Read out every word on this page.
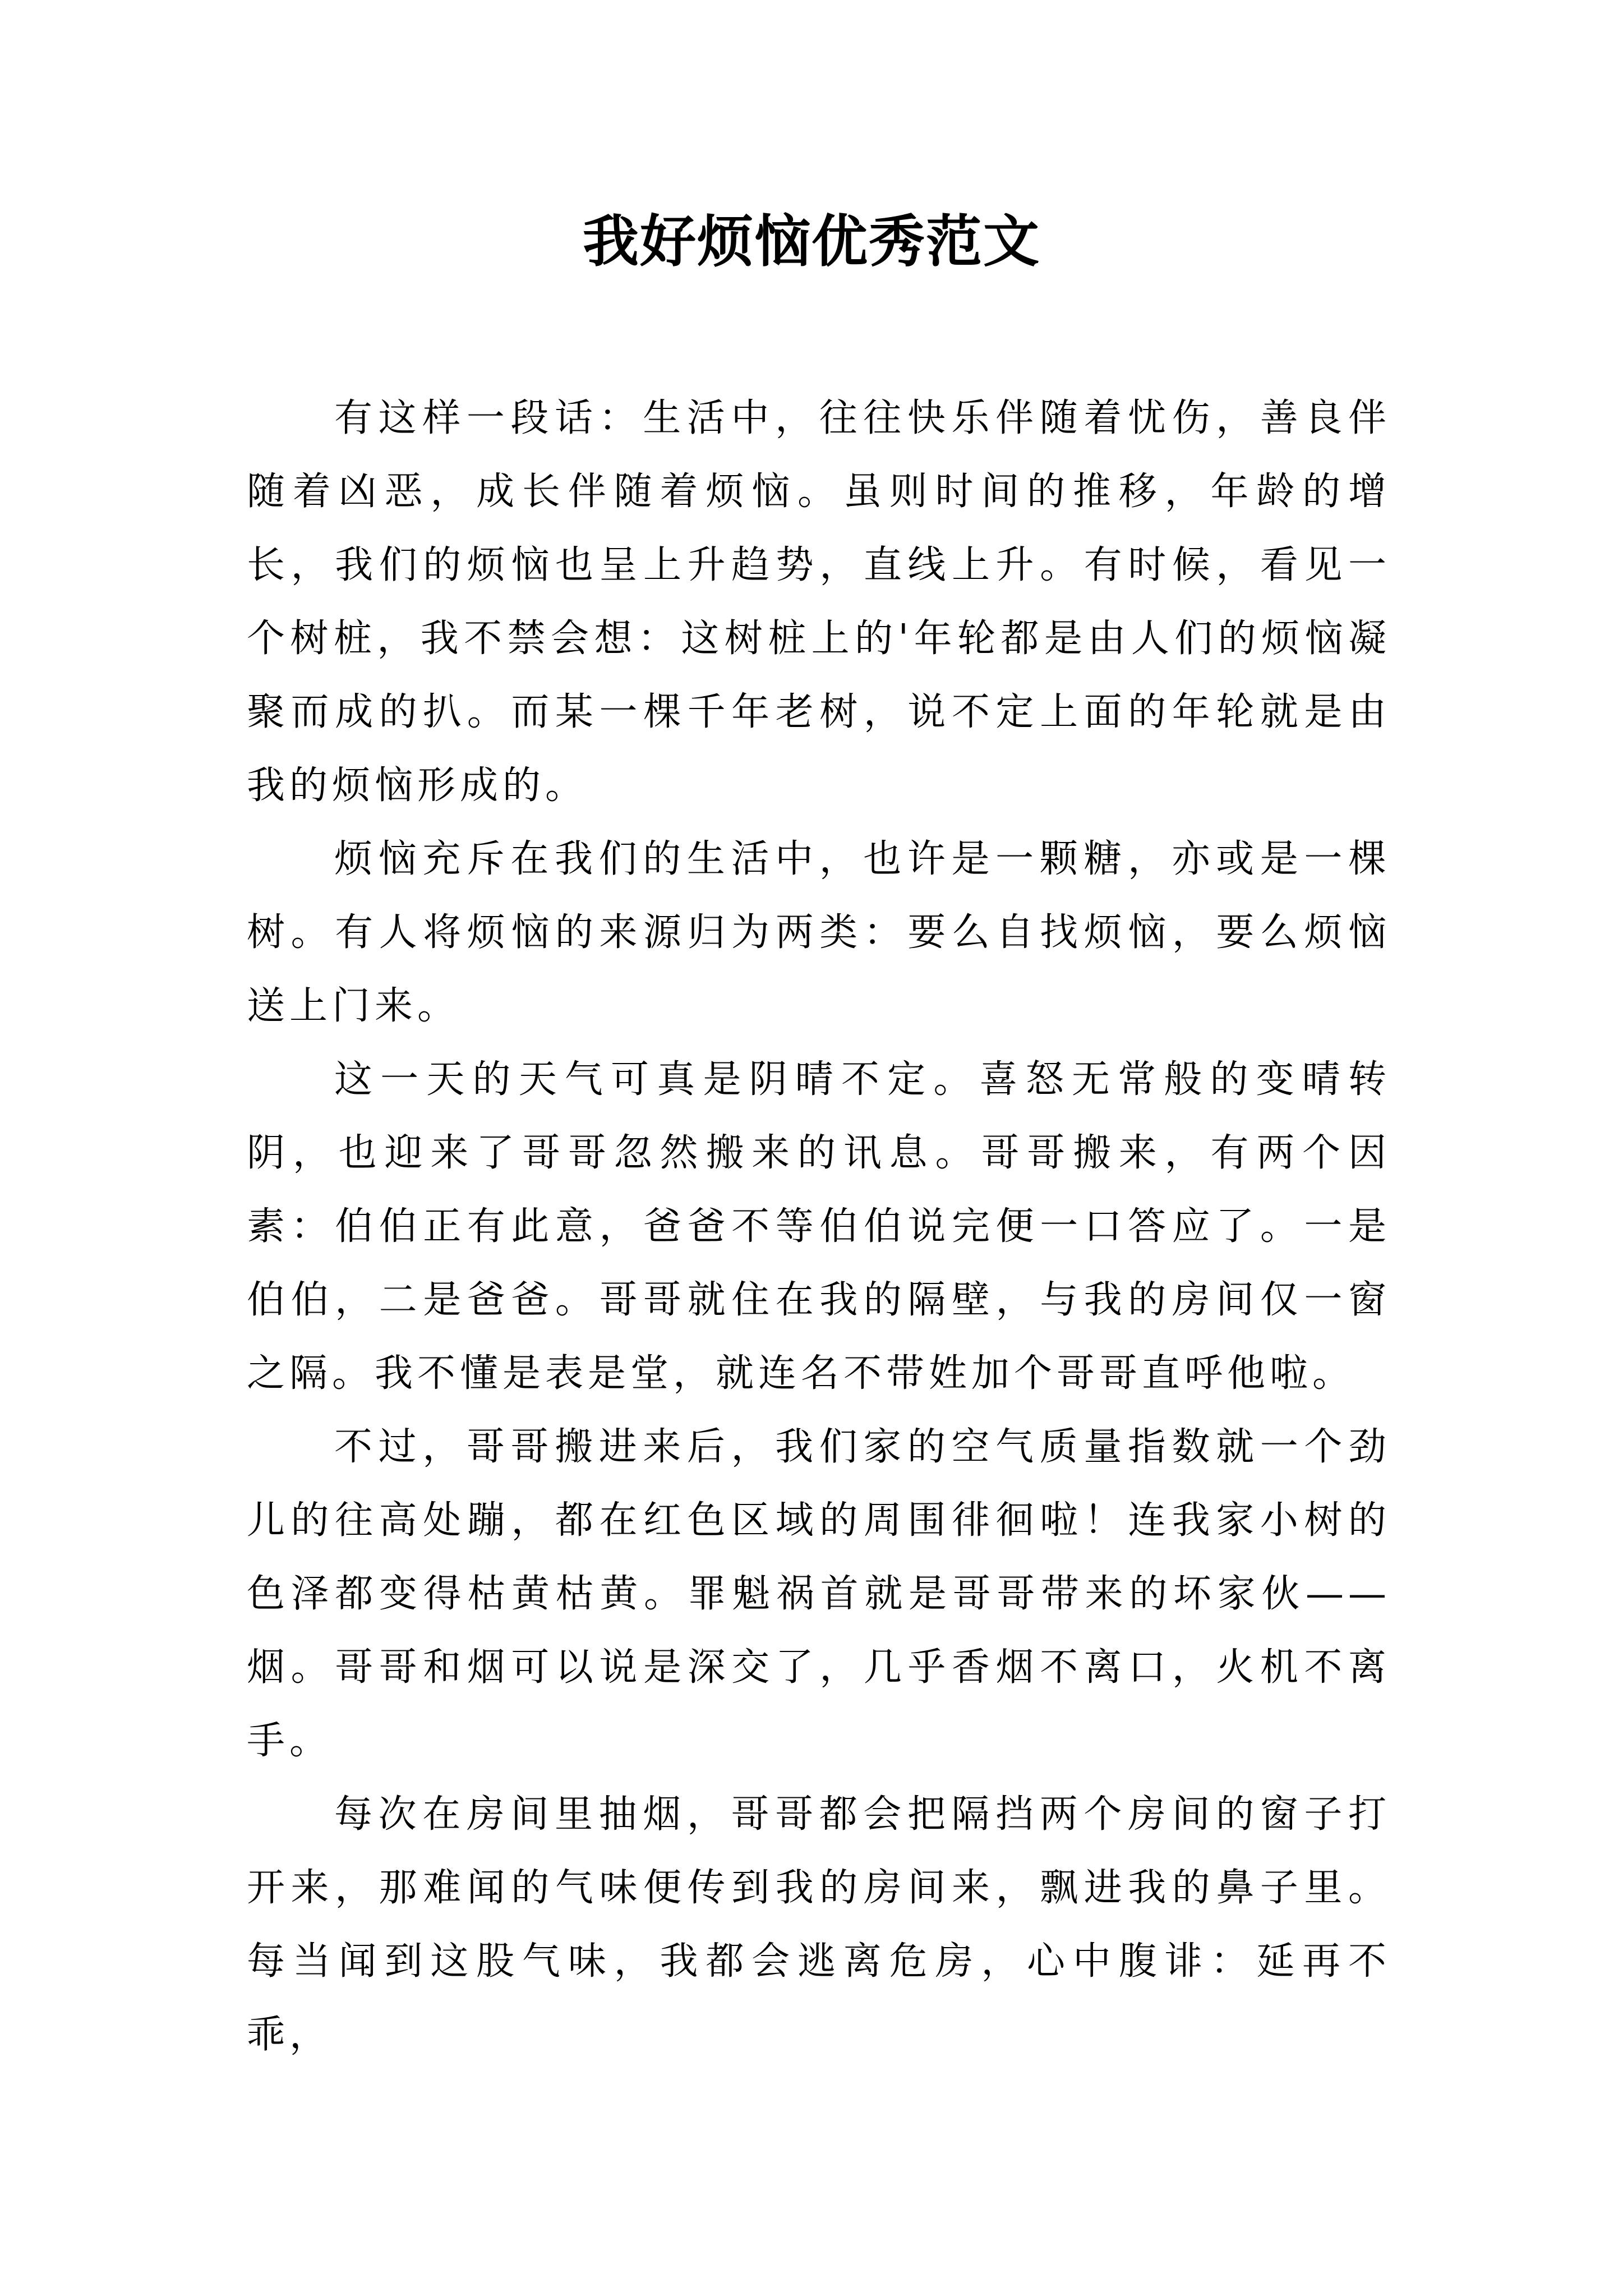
我好烦恼优秀范文

有这样一段话：生活中，往往快乐伴随着忧伤，善良伴随着凶恶，成长伴随着烦恼。虽则时间的推移，年龄的增长，我们的烦恼也呈上升趋势，直线上升。有时候，看见一个树桩，我不禁会想：这树桩上的'年轮都是由人们的烦恼凝聚而成的扒。而某一棵千年老树，说不定上面的年轮就是由我的烦恼形成的。

烦恼充斥在我们的生活中，也许是一颗糖，亦或是一棵树。有人将烦恼的来源归为两类：要么自找烦恼，要么烦恼送上门来。

这一天的天气可真是阴晴不定。喜怒无常般的变晴转阴，也迎来了哥哥忽然搬来的讯息。哥哥搬来，有两个因素：伯伯正有此意，爸爸不等伯伯说完便一口答应了。一是伯伯，二是爸爸。哥哥就住在我的隔壁，与我的房间仅一窗之隔。我不懂是表是堂，就连名不带姓加个哥哥直呼他啦。

不过，哥哥搬进来后，我们家的空气质量指数就一个劲儿的往高处蹦，都在红色区域的周围徘徊啦！连我家小树的色泽都变得枯黄枯黄。罪魁祸首就是哥哥带来的坏家伙——烟。哥哥和烟可以说是深交了，几乎香烟不离口，火机不离手。

每次在房间里抽烟，哥哥都会把隔挡两个房间的窗子打开来，那难闻的气味便传到我的房间来，飘进我的鼻子里。每当闻到这股气味，我都会逃离危房，心中腹诽：延再不乖，
